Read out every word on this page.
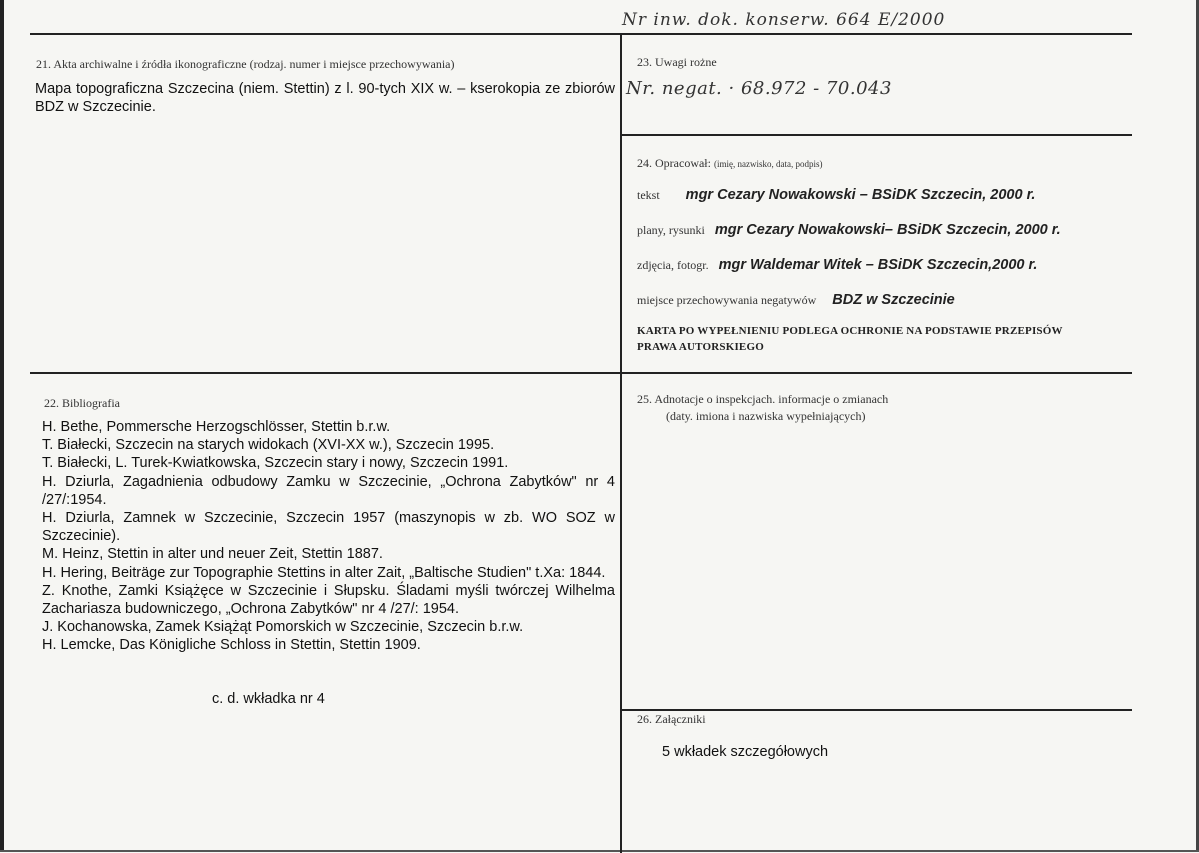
Nr inw. dok. konserw. 664 E/2000
21. Akta archiwalne i źródła ikonograficzne (rodzaj. numer i miejsce przechowywania)
Mapa topograficzna Szczecina (niem. Stettin) z l. 90-tych XIX w. – kserokopia ze zbiorów BDZ w Szczecinie.
23. Uwagi rożne
Nr. negat. · 68.972 - 70.043
24. Opracował: (imię, nazwisko, data, podpis)
tekst mgr Cezary Nowakowski – BSiDK Szczecin, 2000 r.
plany, rysunki mgr Cezary Nowakowski– BSiDK Szczecin, 2000 r.
zdjęcia, fotogr. mgr Waldemar Witek – BSiDK Szczecin,2000 r.
miejsce przechowywania negatywów BDZ w Szczecinie
KARTA PO WYPEŁNIENIU PODLEGA OCHRONIE NA PODSTAWIE PRZEPISÓW
PRAWA AUTORSKIEGO
22. Bibliografia

H. Bethe, Pommersche Herzogschlösser, Stettin b.r.w.

T. Białecki, Szczecin na starych widokach (XVI-XX w.), Szczecin 1995.

T. Białecki, L. Turek-Kwiatkowska, Szczecin stary i nowy, Szczecin 1991.

H. Dziurla, Zagadnienia odbudowy Zamku w Szczecinie, „Ochrona Zabytków" nr 4 /27/:1954.

H. Dziurla, Zamnek w Szczecinie, Szczecin 1957 (maszynopis w zb. WO SOZ w Szczecinie).

M. Heinz, Stettin in alter und neuer Zeit, Stettin 1887.

H. Hering, Beiträge zur Topographie Stettins in alter Zait, „Baltische Studien" t.Xa: 1844.

Z. Knothe, Zamki Książęce w Szczecinie i Słupsku. Śladami myśli twórczej Wilhelma Zachariasza budowniczego, „Ochrona Zabytków" nr 4 /27/: 1954.

J. Kochanowska, Zamek Książąt Pomorskich w Szczecinie, Szczecin b.r.w.

H. Lemcke, Das Königliche Schloss in Stettin, Stettin 1909.

c. d. wkładka nr 4
25. Adnotacje o inspekcjach. informacje o zmianach
(daty. imiona i nazwiska wypełniających)
26. Załączniki
5 wkładek szczegółowych
